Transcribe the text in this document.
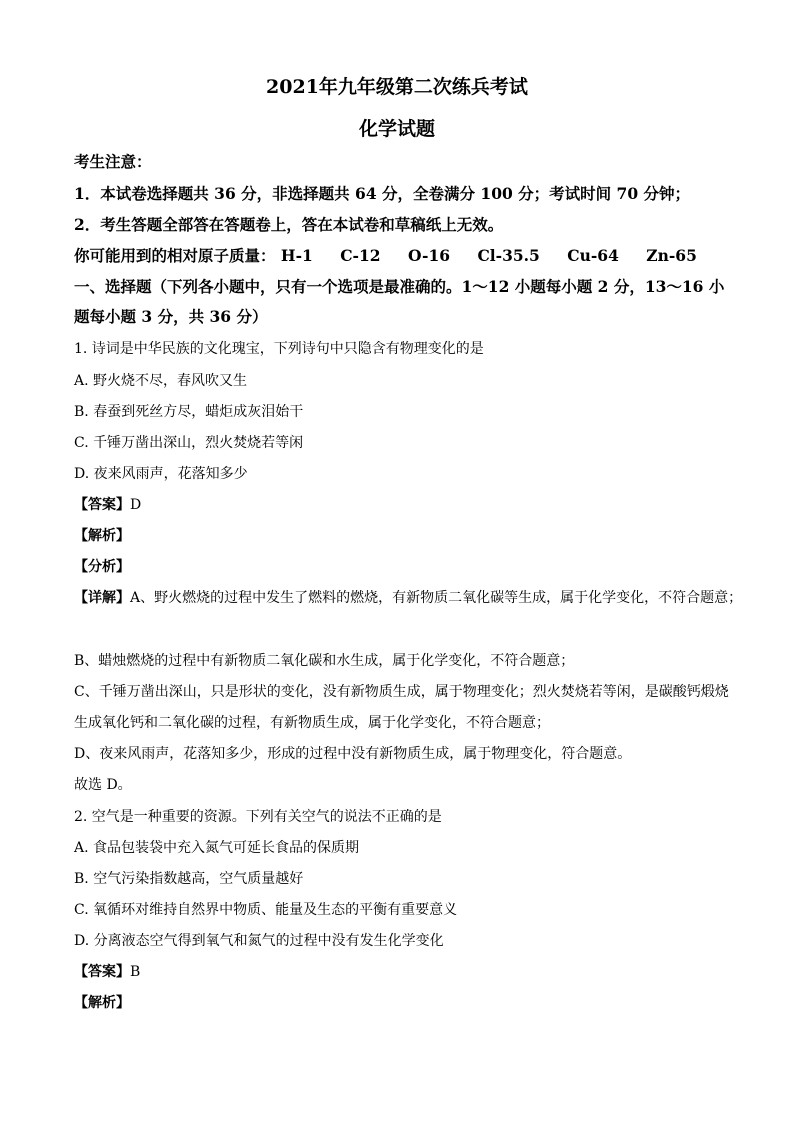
2021年九年级第二次练兵考试
化学试题
考生注意：
1．本试卷选择题共 36 分，非选择题共 64 分，全卷满分 100 分；考试时间 70 分钟；
2．考生答题全部答在答题卷上，答在本试卷和草稿纸上无效。
你可能用到的相对原子质量： H-1 C-12 O-16 Cl-35.5 Cu-64 Zn-65
一、选择题（下列各小题中，只有一个选项是最准确的。1～12 小题每小题 2 分，13～16 小
题每小题 3 分，共 36 分）
1. 诗词是中华民族的文化瑰宝，下列诗句中只隐含有物理变化的是
A. 野火烧不尽，春风吹又生
B. 春蚕到死丝方尽，蜡炬成灰泪始干
C. 千锤万凿出深山，烈火焚烧若等闲
D. 夜来风雨声，花落知多少
【答案】D
【解析】
【分析】
【详解】A、野火燃烧的过程中发生了燃料的燃烧，有新物质二氧化碳等生成，属于化学变化，不符合题意；
B、蜡烛燃烧的过程中有新物质二氧化碳和水生成，属于化学变化，不符合题意；
C、千锤万凿出深山，只是形状的变化，没有新物质生成，属于物理变化；烈火焚烧若等闲，是碳酸钙煅烧
生成氧化钙和二氧化碳的过程，有新物质生成，属于化学变化，不符合题意；
D、夜来风雨声，花落知多少，形成的过程中没有新物质生成，属于物理变化，符合题意。
故选 D。
2. 空气是一种重要的资源。下列有关空气的说法不正确的是
A. 食品包装袋中充入氮气可延长食品的保质期
B. 空气污染指数越高，空气质量越好
C. 氧循环对维持自然界中物质、能量及生态的平衡有重要意义
D. 分离液态空气得到氧气和氮气的过程中没有发生化学变化
【答案】B
【解析】
